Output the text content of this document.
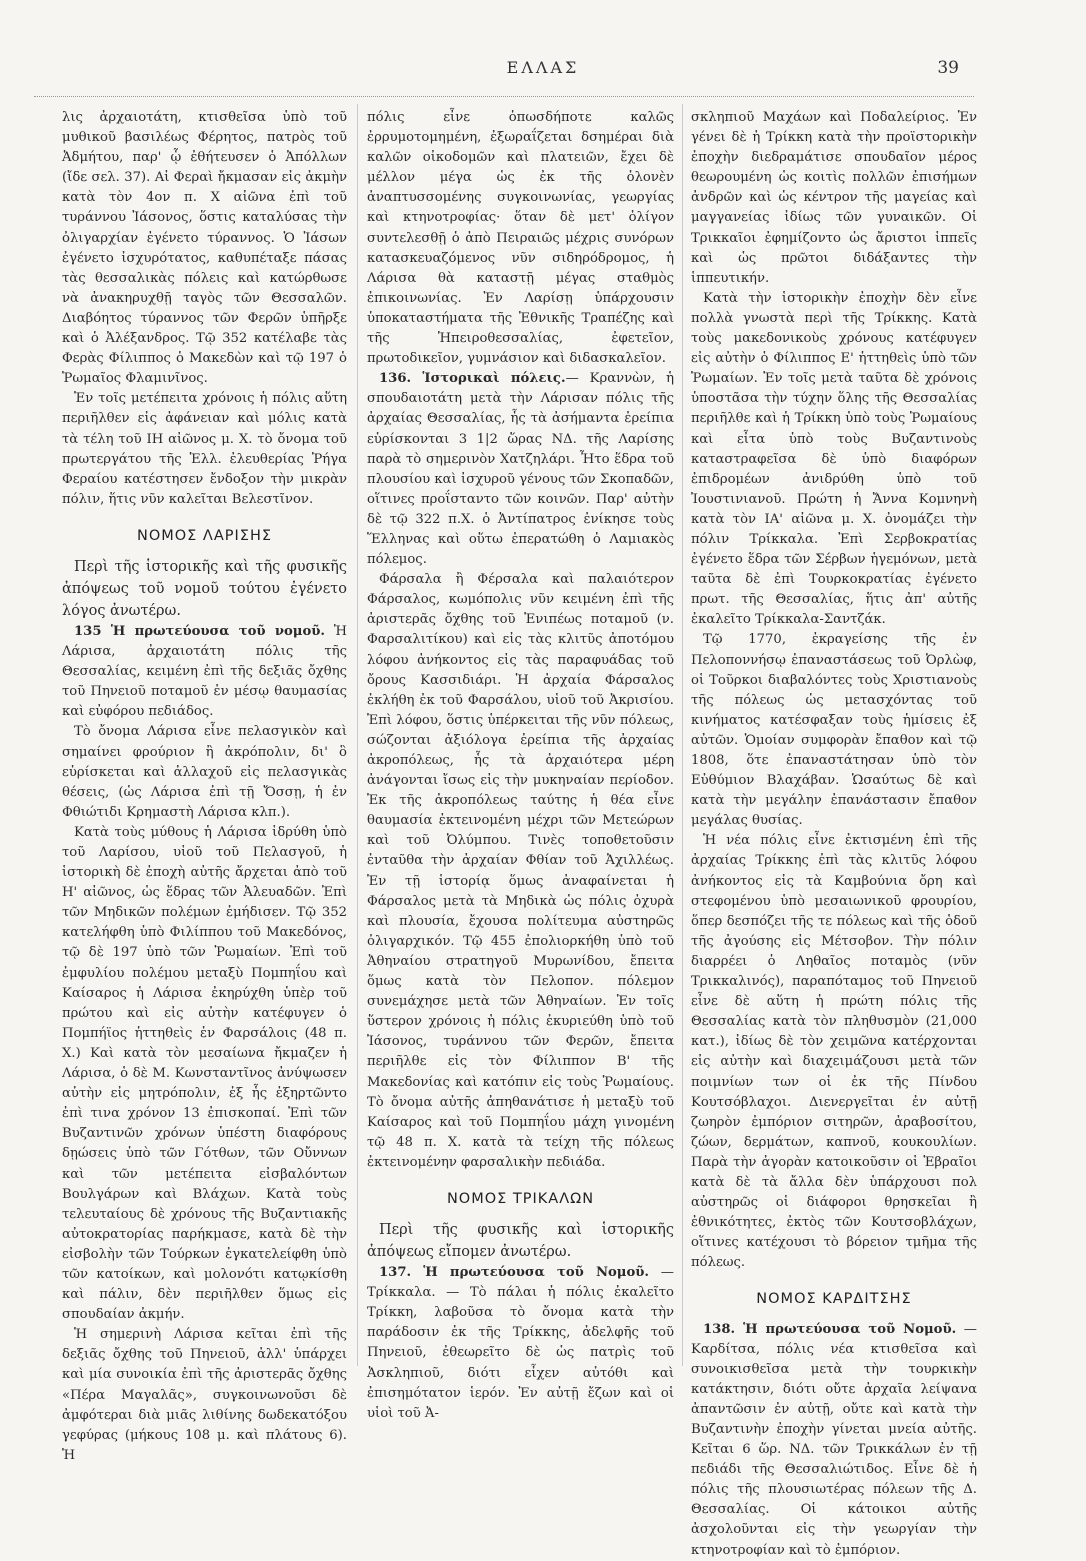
ΕΛΛΑΣ	39

λις ἀρχαιοτάτη, κτισθεῖσα ὑπὸ τοῦ μυθικοῦ βασιλέως Φέρητος, πατρὸς τοῦ Ἀδμήτου, παρ' ᾧ ἐθήτευσεν ὁ Ἀπόλλων (ἴδε σελ. 37). Αἱ Φεραὶ ἤκμασαν εἰς ἀκμὴν κατὰ τὸν 4ον π. Χ αἰῶνα ἐπὶ τοῦ τυράννου Ἰάσονος, ὅστις καταλύσας τὴν ὀλιγαρχίαν ἐγένετο τύραννος. Ὁ Ἰάσων ἐγένετο ἰσχυρότατος, καθυπέταξε πάσας τὰς θεσσαλικὰς πόλεις καὶ κατώρθωσε νὰ ἀνακηρυχθῇ ταγὸς τῶν Θεσσαλῶν. Διαβόητος τύραννος τῶν Φερῶν ὑπῆρξε καὶ ὁ Ἀλέξανδρος. Τῷ 352 κατέλαβε τὰς Φερὰς Φίλιππος ὁ Μακεδὼν καὶ τῷ 197 ὁ Ῥωμαῖος Φλαμινῖνος.

Ἐν τοῖς μετέπειτα χρόνοις ἡ πόλις αὕτη περιῆλθεν εἰς ἀφάνειαν καὶ μόλις κατὰ τὰ τέλη τοῦ ΙΗ αἰῶνος μ. Χ. τὸ ὄνομα τοῦ πρωτεργάτου τῆς Ἑλλ. ἐλευθερίας Ῥήγα Φεραίου κατέστησεν ἔνδοξον τὴν μικρὰν πόλιν, ἥτις νῦν καλεῖται Βελεστῖνον.

ΝΟΜΟΣ ΛΑΡΙΣΗΣ

Περὶ τῆς ἱστορικῆς καὶ τῆς φυσικῆς ἀπόψεως τοῦ νομοῦ τούτου ἐγένετο λόγος ἀνωτέρω.

135 Ἡ πρωτεύουσα τοῦ νομοῦ. Ἡ Λάρισα, ἀρχαιοτάτη πόλις τῆς Θεσσαλίας, κειμένη ἐπὶ τῆς δεξιᾶς ὄχθης τοῦ Πηνειοῦ ποταμοῦ ἐν μέσῳ θαυμασίας καὶ εὐφόρου πεδιάδος.

Τὸ ὄνομα Λάρισα εἶνε πελασγικὸν καὶ σημαίνει φρούριον ἢ ἀκρόπολιν, δι' ὃ εὑρίσκεται καὶ ἀλλαχοῦ εἰς πελασγικὰς θέσεις, (ὡς Λάρισα ἐπὶ τῇ Ὄσσῃ, ἡ ἐν Φθιώτιδι Κρημαστὴ Λάρισα κλπ.).

Κατὰ τοὺς μύθους ἡ Λάρισα ἱδρύθη ὑπὸ τοῦ Λαρίσου, υἱοῦ τοῦ Πελασγοῦ, ἡ ἱστορικὴ δὲ ἐποχὴ αὐτῆς ἄρχεται ἀπὸ τοῦ Η' αἰῶνος, ὡς ἕδρας τῶν Ἀλευαδῶν. Ἐπὶ τῶν Μηδικῶν πολέμων ἐμήδισεν. Τῷ 352 κατελήφθη ὑπὸ Φιλίππου τοῦ Μακεδόνος, τῷ δὲ 197 ὑπὸ τῶν Ῥωμαίων. Ἐπὶ τοῦ ἐμφυλίου πολέμου μεταξὺ Πομπηΐου καὶ Καίσαρος ἡ Λάρισα ἐκηρύχθη ὑπὲρ τοῦ πρώτου καὶ εἰς αὐτὴν κατέφυγεν ὁ Πομπήϊος ἡττηθεὶς ἐν Φαρσάλοις (48 π. Χ.) Καὶ κατὰ τὸν μεσαίωνα ἤκμαζεν ἡ Λάρισα, ὁ δὲ Μ. Κωνσταντῖνος ἀνύψωσεν αὐτὴν εἰς μητρόπολιν, ἐξ ἧς ἐξηρτῶντο ἐπὶ τινα χρόνον 13 ἐπισκοπαί. Ἐπὶ τῶν Βυζαντινῶν χρόνων ὑπέστη διαφόρους δῃώσεις ὑπὸ τῶν Γότθων, τῶν Οὔννων καὶ τῶν μετέπειτα εἰσβαλόντων Βουλγάρων καὶ Βλάχων. Κατὰ τοὺς τελευταίους δὲ χρόνους τῆς Βυζαντιακῆς αὐτοκρατορίας παρήκμασε, κατὰ δὲ τὴν εἰσβολὴν τῶν Τούρκων ἐγκατελείφθη ὑπὸ τῶν κατοίκων, καὶ μολονότι κατῳκίσθη καὶ πάλιν, δὲν περιῆλθεν ὅμως εἰς σπουδαίαν ἀκμήν.

Ἡ σημερινὴ Λάρισα κεῖται ἐπὶ τῆς δεξιᾶς ὄχθης τοῦ Πηνειοῦ, ἀλλ' ὑπάρχει καὶ μία συνοικία ἐπὶ τῆς ἀριστερᾶς ὄχθης «Πέρα Μαγαλᾶς», συγκοινωνοῦσι δὲ ἀμφότεραι διὰ μιᾶς λιθίνης δωδεκατόξου γεφύρας (μήκους 108 μ. καὶ πλάτους 6). Ἡ

πόλις εἶνε ὁπωσδήποτε καλῶς ἐρρυμοτομημένη, ἐξωραΐζεται δσημέραι διὰ καλῶν οἰκοδομῶν καὶ πλατειῶν, ἔχει δὲ μέλλον μέγα ὡς ἐκ τῆς ὁλονὲν ἀναπτυσσομένης συγκοινωνίας, γεωργίας καὶ κτηνοτροφίας· ὅταν δὲ μετ' ὀλίγον συντελεσθῇ ὁ ἀπὸ Πειραιῶς μέχρις συνόρων κατασκευαζόμενος νῦν σιδηρόδρομος, ἡ Λάρισα θὰ καταστῇ μέγας σταθμὸς ἐπικοινωνίας. Ἐν Λαρίσῃ ὑπάρχουσιν ὑποκαταστήματα τῆς Ἐθνικῆς Τραπέζης καὶ τῆς Ἠπειροθεσσαλίας, ἐφετεῖον, πρωτοδικεῖον, γυμνάσιον καὶ διδασκαλεῖον.

136. Ἱστορικαὶ πόλεις.— Κραννὼν, ἡ σπουδαιοτάτη μετὰ τὴν Λάρισαν πόλις τῆς ἀρχαίας Θεσσαλίας, ἧς τὰ ἀσήμαντα ἐρείπια εὑρίσκονται 3 1|2 ὥρας ΝΔ. τῆς Λαρίσης παρὰ τὸ σημερινὸν Χατζηλάρι. Ἦτο ἕδρα τοῦ πλουσίου καὶ ἰσχυροῦ γένους τῶν Σκοπαδῶν, οἵτινες προΐσταντο τῶν κοινῶν. Παρ' αὐτὴν δὲ τῷ 322 π.Χ. ὁ Ἀντίπατρος ἐνίκησε τοὺς Ἕλληνας καὶ οὕτω ἐπερατώθη ὁ Λαμιακὸς πόλεμος.

Φάρσαλα ἢ Φέρσαλα καὶ παλαιότερον Φάρσαλος, κωμόπολις νῦν κειμένη ἐπὶ τῆς ἀριστερᾶς ὄχθης τοῦ Ἐνιπέως ποταμοῦ (ν. Φαρσαλιτίκου) καὶ εἰς τὰς κλιτῦς ἀποτόμου λόφου ἀνήκοντος εἰς τὰς παραφυάδας τοῦ ὄρους Κασσιδιάρι. Ἡ ἀρχαία Φάρσαλος ἐκλήθη ἐκ τοῦ Φαρσάλου, υἱοῦ τοῦ Ἀκρισίου. Ἐπὶ λόφου, ὅστις ὑπέρκειται τῆς νῦν πόλεως, σώζονται ἀξιόλογα ἐρείπια τῆς ἀρχαίας ἀκροπόλεως, ἧς τὰ ἀρχαιότερα μέρη ἀνάγονται ἴσως εἰς τὴν μυκηναίαν περίοδον. Ἐκ τῆς ἀκροπόλεως ταύτης ἡ θέα εἶνε θαυμασία ἐκτεινομένη μέχρι τῶν Μετεώρων καὶ τοῦ Ὀλύμπου. Τινὲς τοποθετοῦσιν ἐνταῦθα τὴν ἀρχαίαν Φθίαν τοῦ Ἀχιλλέως. Ἐν τῇ ἱστορίᾳ ὅμως ἀναφαίνεται ἡ Φάρσαλος μετὰ τὰ Μηδικὰ ὡς πόλις ὀχυρὰ καὶ πλουσία, ἔχουσα πολίτευμα αὐστηρῶς ὀλιγαρχικόν. Τῷ 455 ἐπολιορκήθη ὑπὸ τοῦ Ἀθηναίου στρατηγοῦ Μυρωνίδου, ἔπειτα ὅμως κατὰ τὸν Πελοπον. πόλεμον συνεμάχησε μετὰ τῶν Ἀθηναίων. Ἐν τοῖς ὕστερον χρόνοις ἡ πόλις ἐκυριεύθη ὑπὸ τοῦ Ἰάσονος, τυράννου τῶν Φερῶν, ἔπειτα περιῆλθε εἰς τὸν Φίλιππον Β' τῆς Μακεδονίας καὶ κατόπιν εἰς τοὺς Ῥωμαίους. Τὸ ὄνομα αὐτῆς ἀπηθανάτισε ἡ μεταξὺ τοῦ Καίσαρος καὶ τοῦ Πομπηΐου μάχη γινομένη τῷ 48 π. Χ. κατὰ τὰ τείχη τῆς πόλεως ἐκτεινομένην φαρσαλικὴν πεδιάδα.

ΝΟΜΟΣ ΤΡΙΚΑΛΩΝ

Περὶ τῆς φυσικῆς καὶ ἱστορικῆς ἀπόψεως εἴπομεν ἀνωτέρω.

137. Ἡ πρωτεύουσα τοῦ Νομοῦ. — Τρίκκαλα. — Τὸ πάλαι ἡ πόλις ἐκαλεῖτο Τρίκκη, λαβοῦσα τὸ ὄνομα κατὰ τὴν παράδοσιν ἐκ τῆς Τρίκκης, ἀδελφῆς τοῦ Πηνειοῦ, ἐθεωρεῖτο δὲ ὡς πατρὶς τοῦ Ἀσκληπιοῦ, διότι εἶχεν αὐτόθι καὶ ἐπισημότατον ἱερόν. Ἐν αὐτῇ ἔζων καὶ οἱ υἱοὶ τοῦ Ἀ-

σκληπιοῦ Μαχάων καὶ Ποδαλείριος. Ἐν γένει δὲ ἡ Τρίκκη κατὰ τὴν προϊστορικὴν ἐποχὴν διεδραμάτισε σπουδαῖον μέρος θεωρουμένη ὡς κοιτὶς πολλῶν ἐπισήμων ἀνδρῶν καὶ ὡς κέντρον τῆς μαγείας καὶ μαγγανείας ἰδίως τῶν γυναικῶν. Οἱ Τρικκαῖοι ἐφημίζοντο ὡς ἄριστοι ἱππεῖς καὶ ὡς πρῶτοι διδάξαντες τὴν ἱππευτικήν.

Κατὰ τὴν ἱστορικὴν ἐποχὴν δὲν εἶνε πολλὰ γνωστὰ περὶ τῆς Τρίκκης. Κατὰ τοὺς μακεδονικοὺς χρόνους κατέφυγεν εἰς αὐτὴν ὁ Φίλιππος Ε' ἡττηθεὶς ὑπὸ τῶν Ῥωμαίων. Ἐν τοῖς μετὰ ταῦτα δὲ χρόνοις ὑποστᾶσα τὴν τύχην ὅλης τῆς Θεσσαλίας περιῆλθε καὶ ἡ Τρίκκη ὑπὸ τοὺς Ῥωμαίους καὶ εἶτα ὑπὸ τοὺς Βυζαντινοὺς καταστραφεῖσα δὲ ὑπὸ διαφόρων ἐπιδρομέων ἀνιδρύθη ὑπὸ τοῦ Ἰουστινιανοῦ. Πρώτη ἡ Ἄννα Κομνηνὴ κατὰ τὸν ΙΑ' αἰῶνα μ. Χ. ὀνομάζει τὴν πόλιν Τρίκκαλα. Ἐπὶ Σερβοκρατίας ἐγένετο ἕδρα τῶν Σέρβων ἡγεμόνων, μετὰ ταῦτα δὲ ἐπὶ Τουρκοκρατίας ἐγένετο πρωτ. τῆς Θεσσαλίας, ἥτις ἀπ' αὐτῆς ἐκαλεῖτο Τρίκκαλα-Σαντζάκ.

Τῷ 1770, ἐκραγείσης τῆς ἐν Πελοποννήσῳ ἐπαναστάσεως τοῦ Ὀρλὼφ, οἱ Τοῦρκοι διαβαλόντες τοὺς Χριστιανοὺς τῆς πόλεως ὡς μετασχόντας τοῦ κινήματος κατέσφαξαν τοὺς ἡμίσεις ἐξ αὐτῶν. Ὁμοίαν συμφορὰν ἔπαθον καὶ τῷ 1808, ὅτε ἐπαναστάτησαν ὑπὸ τὸν Εὐθύμιον Βλαχάβαν. Ὡσαύτως δὲ καὶ κατὰ τὴν μεγάλην ἐπανάστασιν ἔπαθον μεγάλας θυσίας.

Ἡ νέα πόλις εἶνε ἐκτισμένη ἐπὶ τῆς ἀρχαίας Τρίκκης ἐπὶ τὰς κλιτῦς λόφου ἀνήκοντος εἰς τὰ Καμβούνια ὄρη καὶ στεφομένου ὑπὸ μεσαιωνικοῦ φρουρίου, ὅπερ δεσπόζει τῆς τε πόλεως καὶ τῆς ὁδοῦ τῆς ἀγούσης εἰς Μέτσοβον. Τὴν πόλιν διαρρέει ὁ Ληθαῖος ποταμὸς (νῦν Τρικκαλινός), παραπόταμος τοῦ Πηνειοῦ εἶνε δὲ αὕτη ἡ πρώτη πόλις τῆς Θεσσαλίας κατὰ τὸν πληθυσμὸν (21,000 κατ.), ἰδίως δὲ τὸν χειμῶνα κατέρχονται εἰς αὐτὴν καὶ διαχειμάζουσι μετὰ τῶν ποιμνίων των οἱ ἐκ τῆς Πίνδου Κουτσόβλαχοι. Διενεργεῖται ἐν αὐτῇ ζωηρὸν ἐμπόριον σιτηρῶν, ἀραβοσίτου, ζώων, δερμάτων, καπνοῦ, κουκουλίων. Παρὰ τὴν ἀγορὰν κατοικοῦσιν οἱ Ἑβραῖοι κατὰ δὲ τὰ ἄλλα δὲν ὑπάρχουσι πολ αὐστηρῶς οἱ διάφοροι θρησκεῖαι ἢ ἐθνικότητες, ἐκτὸς τῶν Κουτσοβλάχων, οἵτινες κατέχουσι τὸ βόρειον τμῆμα τῆς πόλεως.

ΝΟΜΟΣ ΚΑΡΔΙΤΣΗΣ

138. Ἡ πρωτεύουσα τοῦ Νομοῦ. — Καρδίτσα, πόλις νέα κτισθεῖσα καὶ συνοικισθεῖσα μετὰ τὴν τουρκικὴν κατάκτησιν, διότι οὔτε ἀρχαῖα λείψανα ἀπαντῶσιν ἐν αὐτῇ, οὔτε καὶ κατὰ τὴν Βυζαντινὴν ἐποχὴν γίνεται μνεία αὐτῆς. Κεῖται 6 ὥρ. ΝΔ. τῶν Τρικκάλων ἐν τῇ πεδιάδι τῆς Θεσσαλιώτιδος. Εἶνε δὲ ἡ πόλις τῆς πλουσιωτέρας πόλεων τῆς Δ. Θεσσαλίας. Οἱ κάτοικοι αὐτῆς ἀσχολοῦνται εἰς τὴν γεωργίαν τὴν κτηνοτροφίαν καὶ τὸ ἐμπόριον.
